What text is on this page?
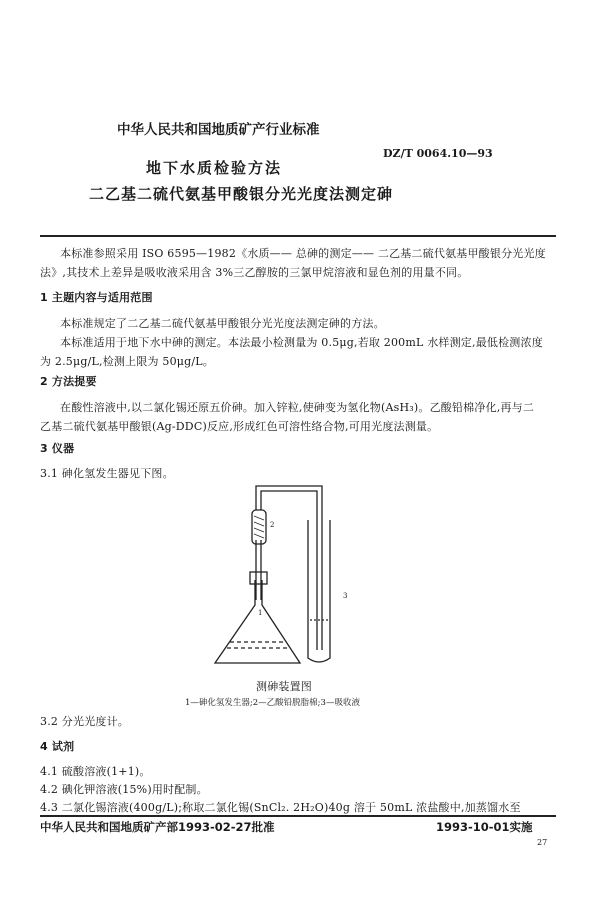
中华人民共和国地质矿产行业标准
DZ/T 0064.10—93
地下水质检验方法
二乙基二硫代氨基甲酸银分光光度法测定砷
本标准参照采用 ISO 6595—1982《水质—— 总砷的测定—— 二乙基二硫代氨基甲酸银分光光度
法》,其技术上差异是吸收液采用含 3%三乙醇胺的三氯甲烷溶液和显色剂的用量不同。
1 主题内容与适用范围
本标准规定了二乙基二硫代氨基甲酸银分光光度法测定砷的方法。
本标准适用于地下水中砷的测定。本法最小检测量为 0.5μg,若取 200mL 水样测定,最低检测浓度
为 2.5μg/L,检测上限为 50μg/L。
2 方法提要
在酸性溶液中,以二氯化锡还原五价砷。加入锌粒,使砷变为氢化物(AsH₃)。乙酸铅棉净化,再与二
乙基二硫代氨基甲酸银(Ag-DDC)反应,形成红色可溶性络合物,可用光度法测量。
3 仪器
3.1 砷化氢发生器见下图。
1
2
3
测砷装置图
1—砷化氢发生器;2—乙酸铅脱脂棉;3—吸收液
3.2 分光光度计。
4 试剂
4.1 硫酸溶液(1+1)。
4.2 碘化钾溶液(15%)用时配制。
4.3 二氯化锡溶液(400g/L);称取二氯化锡(SnCl₂. 2H₂O)40g 溶于 50mL 浓盐酸中,加蒸馏水至
中华人民共和国地质矿产部1993-02-27批准	1993-10-01实施
27
